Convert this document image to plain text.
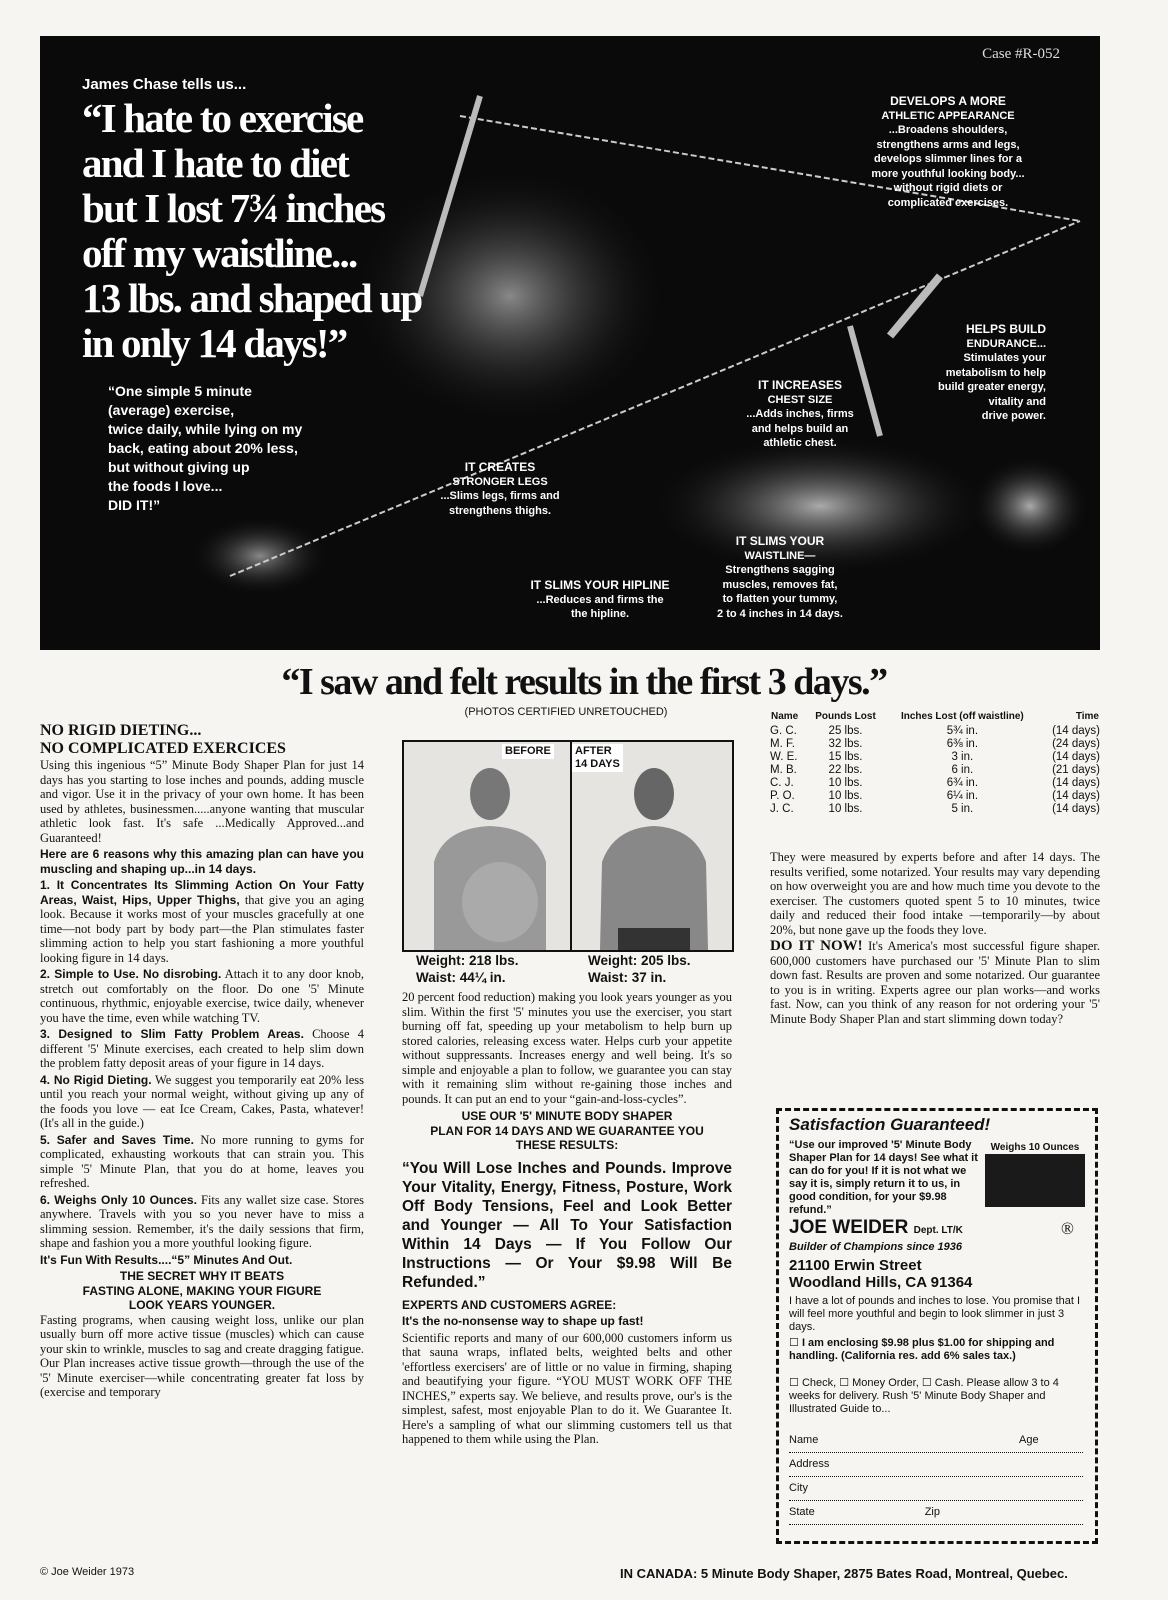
Case #R-052
James Chase tells us...
“I hate to exercise
and I hate to diet
but I lost 7¾ inches
off my waistline...
13 lbs. and shaped up
in only 14 days!”
“One simple 5 minute
(average) exercise,
twice daily, while lying on my
back, eating about 20% less,
but without giving up
the foods I love...
DID IT!”
DEVELOPS A MORE
ATHLETIC APPEARANCE
...Broadens shoulders,
strengthens arms and legs,
develops slimmer lines for a
more youthful looking body...
without rigid diets or
complicated exercises.
HELPS BUILD
ENDURANCE...
Stimulates your
metabolism to help
build greater energy,
vitality and
drive power.
IT INCREASES
CHEST SIZE
...Adds inches, firms
and helps build an
athletic chest.
IT CREATES
STRONGER LEGS
...Slims legs, firms and
strengthens thighs.
IT SLIMS YOUR
WAISTLINE—
Strengthens sagging
muscles, removes fat,
to flatten your tummy,
2 to 4 inches in 14 days.
IT SLIMS YOUR HIPLINE
...Reduces and firms the
the hipline.
“I saw and felt results in the first 3 days.”
NO RIGID DIETING...
NO COMPLICATED EXERCICES

Using this ingenious “5” Minute Body Shaper Plan for just 14 days has you starting to lose inches and pounds, adding muscle and vigor. Use it in the privacy of your own home. It has been used by athletes, businessmen.....anyone wanting that muscular athletic look fast. It's safe ...Medically Approved...and Guaranteed!

Here are 6 reasons why this amazing plan can have you muscling and shaping up...in 14 days.

1. It Concentrates Its Slimming Action On Your Fatty Areas, Waist, Hips, Upper Thighs, that give you an aging look. Because it works most of your muscles gracefully at one time—not body part by body part—the Plan stimulates faster slimming action to help you start fashioning a more youthful looking figure in 14 days.

2. Simple to Use. No disrobing. Attach it to any door knob, stretch out comfortably on the floor. Do one '5' Minute continuous, rhythmic, enjoyable exercise, twice daily, whenever you have the time, even while watching TV.

3. Designed to Slim Fatty Problem Areas. Choose 4 different '5' Minute exercises, each created to help slim down the problem fatty deposit areas of your figure in 14 days.

4. No Rigid Dieting. We suggest you temporarily eat 20% less until you reach your normal weight, without giving up any of the foods you love — eat Ice Cream, Cakes, Pasta, whatever! (It's all in the guide.)

5. Safer and Saves Time. No more running to gyms for complicated, exhausting workouts that can strain you. This simple '5' Minute Plan, that you do at home, leaves you refreshed.

6. Weighs Only 10 Ounces. Fits any wallet size case. Stores anywhere. Travels with you so you never have to miss a slimming session. Remember, it's the daily sessions that firm, shape and fashion you a more youthful looking figure.

It's Fun With Results....“5” Minutes And Out.

THE SECRET WHY IT BEATS
FASTING ALONE, MAKING YOUR FIGURE
LOOK YEARS YOUNGER.

Fasting programs, when causing weight loss, unlike our plan usually burn off more active tissue (muscles) which can cause your skin to wrinkle, muscles to sag and create dragging fatigue. Our Plan increases active tissue growth—through the use of the '5' Minute exerciser—while concentrating greater fat loss by (exercise and temporary

(PHOTOS CERTIFIED UNRETOUCHED)
BEFORE AFTER
14 DAYS
Weight: 218 lbs.
Waist: 44¼ in.
Weight: 205 lbs.
Waist: 37 in.

20 percent food reduction) making you look years younger as you slim. Within the first '5' minutes you use the exerciser, you start burning off fat, speeding up your metabolism to help burn up stored calories, releasing excess water. Helps curb your appetite without suppressants. Increases energy and well being. It's so simple and enjoyable a plan to follow, we guarantee you can stay with it remaining slim without re-gaining those inches and pounds. It can put an end to your “gain-and-loss-cycles”.

USE OUR '5' MINUTE BODY SHAPER
PLAN FOR 14 DAYS AND WE GUARANTEE YOU
THESE RESULTS:
“You Will Lose Inches and Pounds. Improve Your Vitality, Energy, Fitness, Posture, Work Off Body Tensions, Feel and Look Better and Younger — All To Your Satisfaction Within 14 Days — If You Follow Our Instructions — Or Your $9.98 Will Be Refunded.”

EXPERTS AND CUSTOMERS AGREE:

It's the no-nonsense way to shape up fast!

Scientific reports and many of our 600,000 customers inform us that sauna wraps, inflated belts, weighted belts and other 'effortless exercisers' are of little or no value in firming, shaping and beautifying your figure. “YOU MUST WORK OFF THE INCHES,” experts say. We believe, and results prove, our's is the simplest, safest, most enjoyable Plan to do it. We Guarantee It. Here's a sampling of what our slimming customers tell us that happened to them while using the Plan.

Name	Pounds Lost	Inches Lost (off waistline)	Time
G. C.	25 lbs.	5¾ in.	(14 days)
M. F.	32 lbs.	6⅜ in.	(24 days)
W. E.	15 lbs.	3 in.	(14 days)
M. B.	22 lbs.	6 in.	(21 days)
C. J.	10 lbs.	6¾ in.	(14 days)
P. O.	10 lbs.	6¼ in.	(14 days)
J. C.	10 lbs.	5 in.	(14 days)

They were measured by experts before and after 14 days. The results verified, some notarized. Your results may vary depending on how overweight you are and how much time you devote to the exerciser. The customers quoted spent 5 to 10 minutes, twice daily and reduced their food intake —temporarily—by about 20%, but none gave up the foods they love.

DO IT NOW! It's America's most successful figure shaper. 600,000 customers have purchased our '5' Minute Plan to slim down fast. Results are proven and some notarized. Our guarantee to you is in writing. Experts agree our plan works—and works fast. Now, can you think of any reason for not ordering your '5' Minute Body Shaper Plan and start slimming down today?

Satisfaction Guaranteed!
“Use our improved '5' Minute Body Shaper Plan for 14 days! See what it can do for you! If it is not what we say it is, simply return it to us, in good condition, for your $9.98 refund.”
Weighs 10 Ounces
JOE WEIDER Dept. LT/K	®
Builder of Champions since 1936
21100 Erwin Street
Woodland Hills, CA 91364
I have a lot of pounds and inches to lose. You promise that I will feel more youthful and begin to look slimmer in just 3 days.
☐ I am enclosing $9.98 plus $1.00 for shipping and handling. (California res. add 6% sales tax.)
☐ Check, ☐ Money Order, ☐ Cash. Please allow 3 to 4 weeks for delivery. Rush '5' Minute Body Shaper and Illustrated Guide to...
Name	Age
Address
City
State	Zip
© Joe Weider 1973	IN CANADA: 5 Minute Body Shaper, 2875 Bates Road, Montreal, Quebec.
